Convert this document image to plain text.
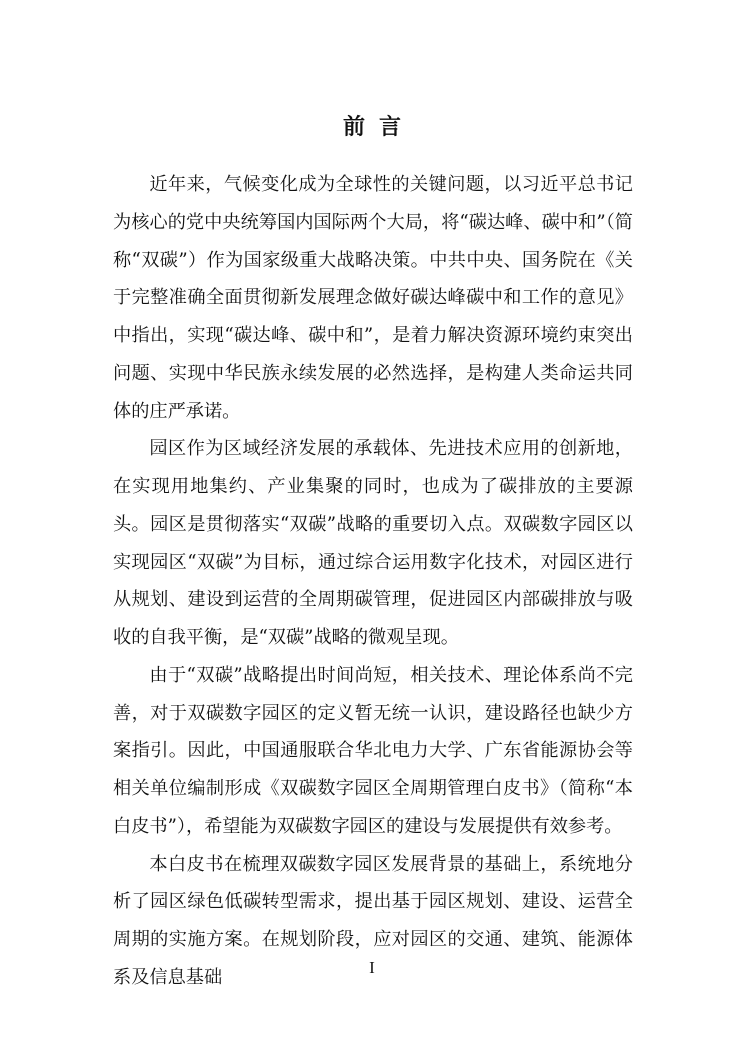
前言

近年来，气候变化成为全球性的关键问题，以习近平总书记为核心的党中央统筹国内国际两个大局，将“碳达峰、碳中和”（简称“双碳”）作为国家级重大战略决策。中共中央、国务院在《关于完整准确全面贯彻新发展理念做好碳达峰碳中和工作的意见》中指出，实现“碳达峰、碳中和”，是着力解决资源环境约束突出问题、实现中华民族永续发展的必然选择，是构建人类命运共同体的庄严承诺。

园区作为区域经济发展的承载体、先进技术应用的创新地，在实现用地集约、产业集聚的同时，也成为了碳排放的主要源头。园区是贯彻落实“双碳”战略的重要切入点。双碳数字园区以实现园区“双碳”为目标，通过综合运用数字化技术，对园区进行从规划、建设到运营的全周期碳管理，促进园区内部碳排放与吸收的自我平衡，是“双碳”战略的微观呈现。

由于“双碳”战略提出时间尚短，相关技术、理论体系尚不完善，对于双碳数字园区的定义暂无统一认识，建设路径也缺少方案指引。因此，中国通服联合华北电力大学、广东省能源协会等相关单位编制形成《双碳数字园区全周期管理白皮书》（简称“本白皮书”），希望能为双碳数字园区的建设与发展提供有效参考。

本白皮书在梳理双碳数字园区发展背景的基础上，系统地分析了园区绿色低碳转型需求，提出基于园区规划、建设、运营全周期的实施方案。在规划阶段，应对园区的交通、建筑、能源体系及信息基础	I
